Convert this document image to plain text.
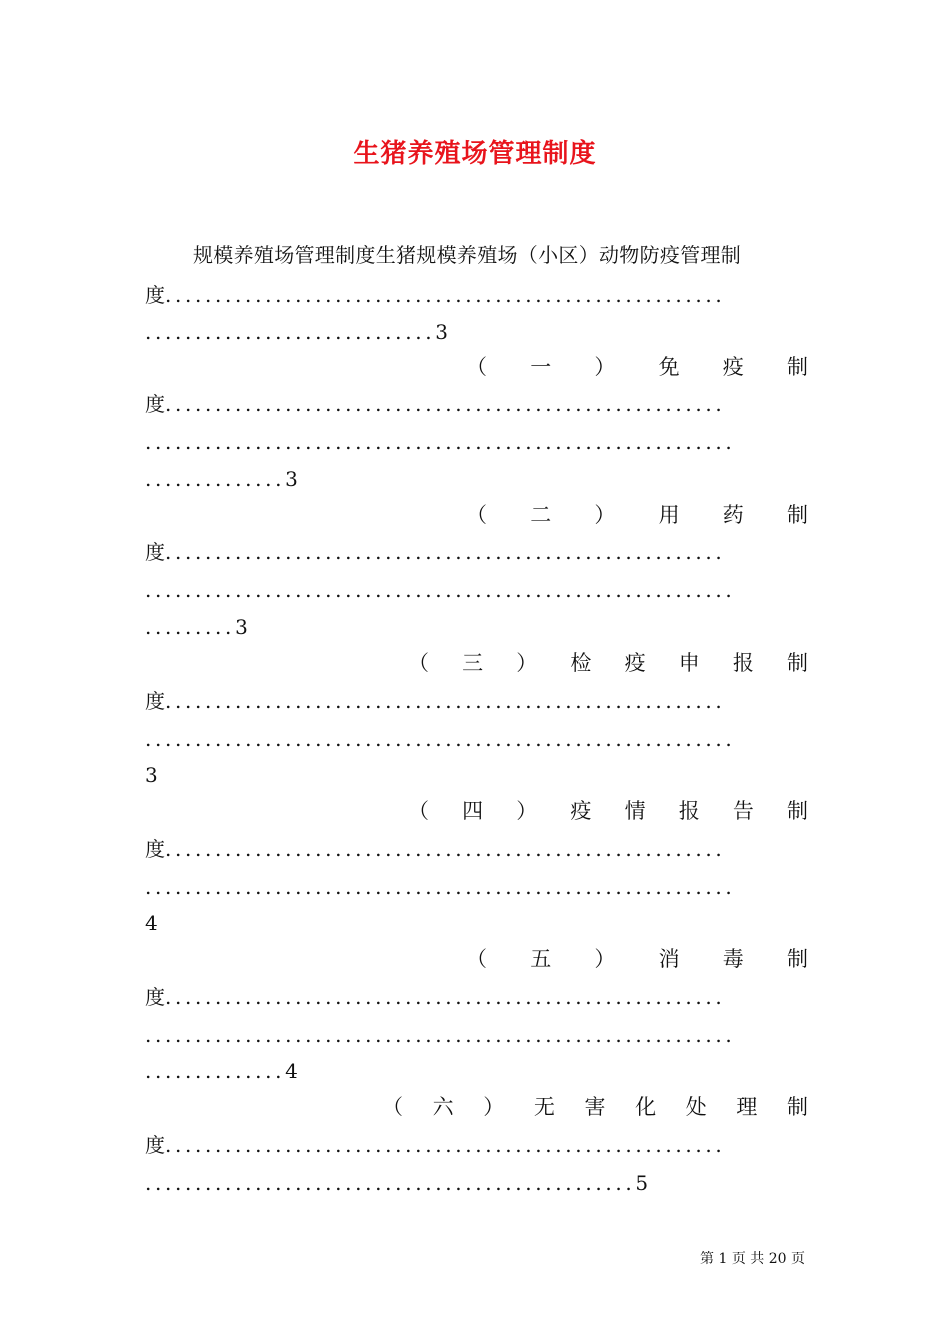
生猪养殖场管理制度
规模养殖场管理制度生猪规模养殖场（小区）动物防疫管理制
度........................................................
.............................3
（ 一 ） 免 疫 制
度........................................................
...........................................................
..............3
（ 二 ） 用 药 制
度........................................................
...........................................................
.........3
（ 三 ） 检 疫 申 报 制
度........................................................
...........................................................
3
（ 四 ） 疫 情 报 告 制
度........................................................
...........................................................
4
（ 五 ） 消 毒 制
度........................................................
...........................................................
..............4
（ 六 ） 无 害 化 处 理 制
度........................................................
.................................................5
第 1 页 共 20 页
